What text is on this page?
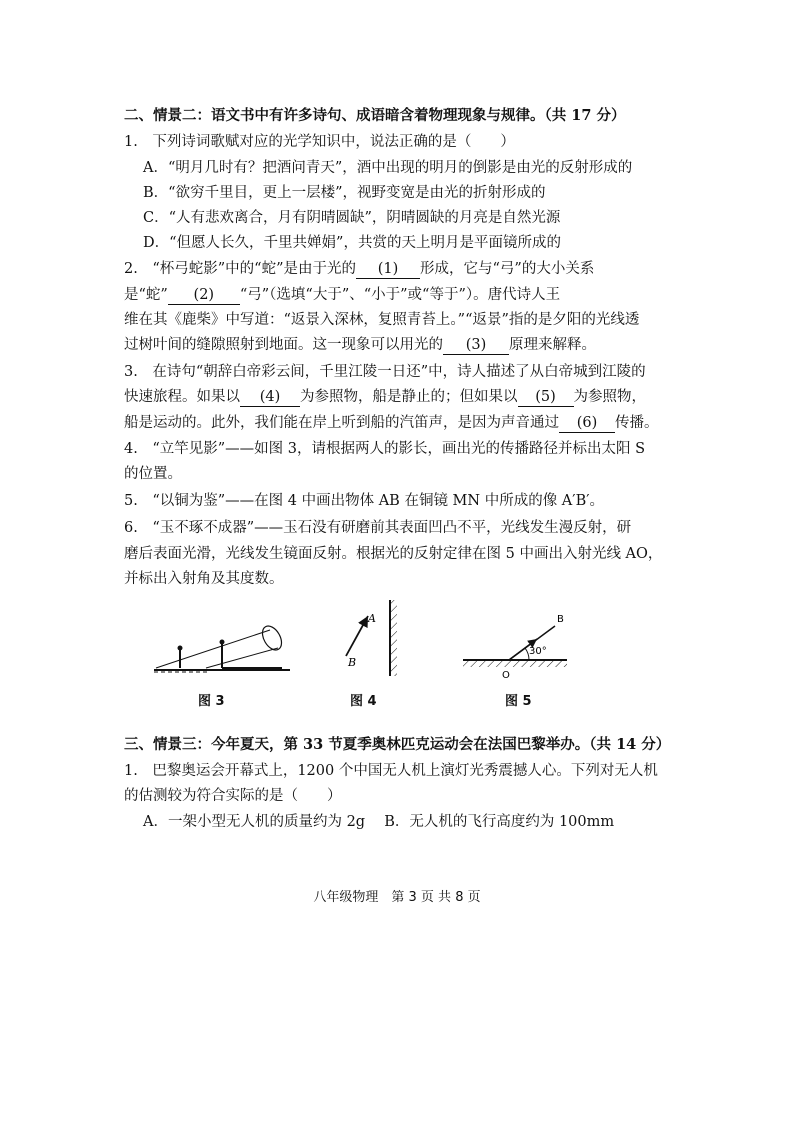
二、情景二：语文书中有许多诗句、成语暗含着物理现象与规律。（共 17 分）
1.　下列诗词歌赋对应的光学知识中，说法正确的是（　　）
A．“明月几时有？把酒问青天”，酒中出现的明月的倒影是由光的反射形成的
B．“欲穷千里目，更上一层楼”，视野变宽是由光的折射形成的
C．“人有悲欢离合，月有阴晴圆缺”，阴晴圆缺的月亮是自然光源
D．“但愿人长久，千里共婵娟”，共赏的天上明月是平面镜所成的
2.　“杯弓蛇影”中的“蛇”是由于光的 (1) 形成，它与“弓”的大小关系
是“蛇” (2) “弓”（选填“大于”、“小于”或“等于”）。唐代诗人王
维在其《鹿柴》中写道：“返景入深林，复照青苔上。”“返景”指的是夕阳的光线透
过树叶间的缝隙照射到地面。这一现象可以用光的 (3) 原理来解释。
3.　在诗句“朝辞白帝彩云间，千里江陵一日还”中，诗人描述了从白帝城到江陵的
快速旅程。如果以 (4) 为参照物，船是静止的；但如果以 (5) 为参照物，
船是运动的。此外，我们能在岸上听到船的汽笛声，是因为声音通过 (6) 传播。
4.　“立竿见影”——如图 3，请根据两人的影长，画出光的传播路径并标出太阳 S
的位置。
5.　“以铜为鉴”——在图 4 中画出物体 AB 在铜镜 MN 中所成的像 A′B′。
6.　“玉不琢不成器”——玉石没有研磨前其表面凹凸不平，光线发生漫反射，研
磨后表面光滑，光线发生镜面反射。根据光的反射定律在图 5 中画出入射光线 AO，
并标出入射角及其度数。
图 3
A
B
图 4
30°
B
O
图 5
三、情景三：今年夏天，第 33 节夏季奥林匹克运动会在法国巴黎举办。（共 14 分）
1.　巴黎奥运会开幕式上，1200 个中国无人机上演灯光秀震撼人心。下列对无人机
的估测较为符合实际的是（　　）
A．一架小型无人机的质量约为 2g　 B．无人机的飞行高度约为 100mm
八年级物理　第 3 页 共 8 页
